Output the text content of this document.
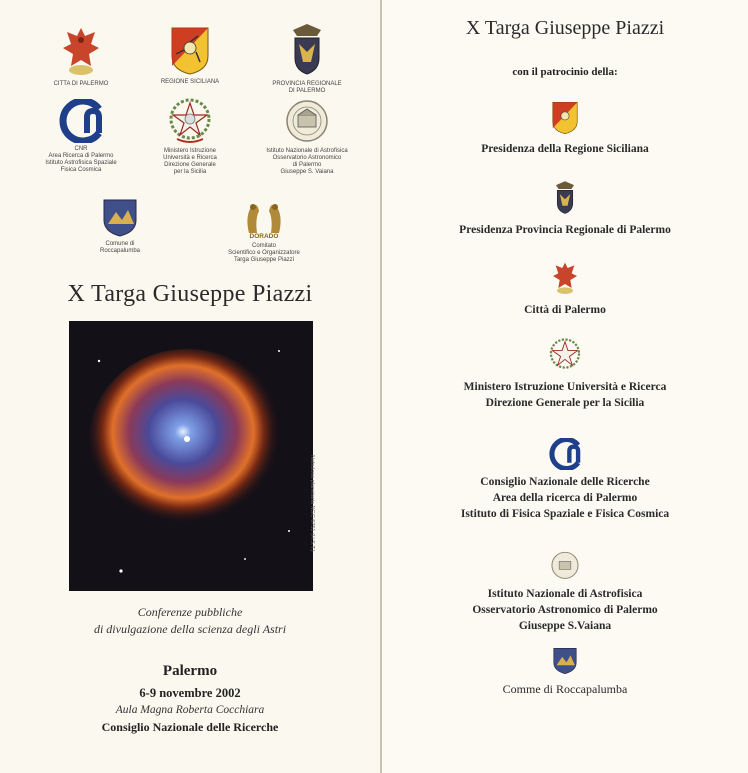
CITTA DI PALERMO	REGIONE SICILIANA	PROVINCIA REGIONALE
DI PALERMO
CNR
Area Ricerca di Palermo
Istituto Astrofisica Spaziale
Fisica Cosmica
Ministero Istruzione
Università e Ricerca
Direzione Generale
per la Sicilia
Istituto Nazionale di Astrofisica
Osservatorio Astronomico
di Palermo
Giuseppe S. Vaiana
Comune di
Roccapalumba
DORADO
Comitato
Scientifico e Organizzatore
Targa Giuseppe Piazzi
X Targa Giuseppe Piazzi
Nebulosa planetaria NGC 6751 (H.S.T.)
Conferenze pubbliche
di divulgazione della scienza degli Astri
Palermo
6-9 novembre 2002
Aula Magna Roberta Cocchiara
Consiglio Nazionale delle Ricerche
X Targa Giuseppe Piazzi
con il patrocinio della:
Presidenza della Regione Siciliana
Presidenza Provincia Regionale di Palermo
Città di Palermo
Ministero Istruzione Università e Ricerca
Direzione Generale per la Sicilia
Consiglio Nazionale delle Ricerche
Area della ricerca di Palermo
Istituto di Fisica Spaziale e Fisica Cosmica
Istituto Nazionale di Astrofisica
Osservatorio Astronomico di Palermo
Giuseppe S.Vaiana
Comme di Roccapalumba
